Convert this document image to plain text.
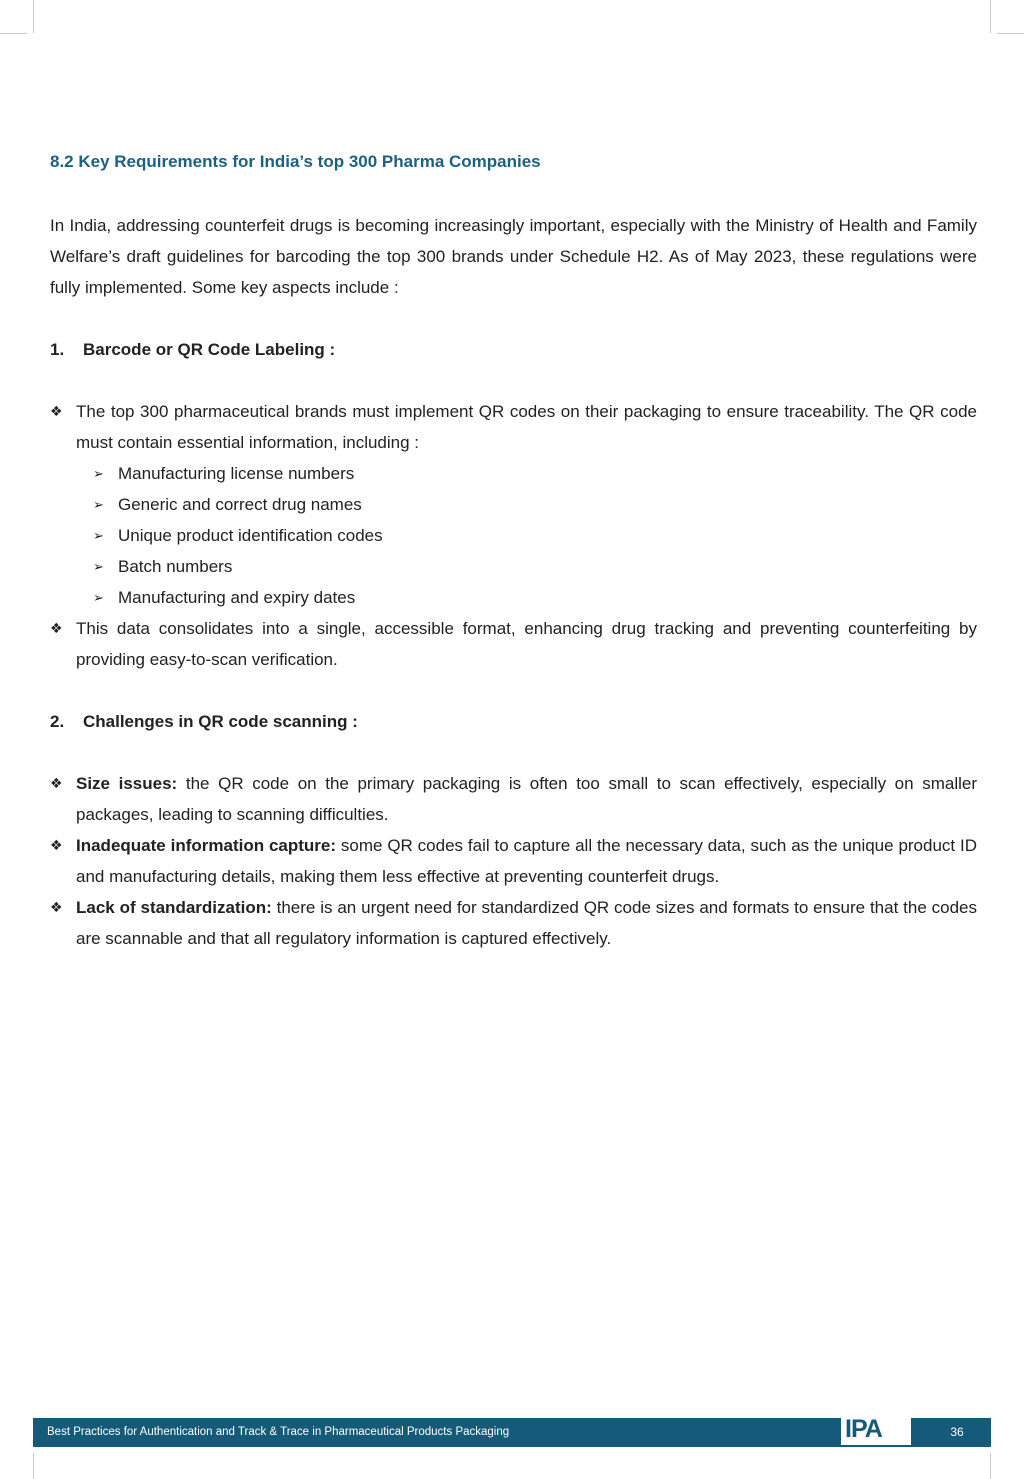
8.2 Key Requirements for India’s top 300 Pharma Companies

In India, addressing counterfeit drugs is becoming increasingly important, especially with the Ministry of Health and Family Welfare’s draft guidelines for barcoding the top 300 brands under Schedule H2. As of May 2023, these regulations were fully implemented. Some key aspects include :

1.	Barcode or QR Code Labeling :
❖ The top 300 pharmaceutical brands must implement QR codes on their packaging to ensure traceability. The QR code must contain essential information, including :
➢ Manufacturing license numbers
➢ Generic and correct drug names
➢ Unique product identification codes
➢ Batch numbers
➢ Manufacturing and expiry dates
❖ This data consolidates into a single, accessible format, enhancing drug tracking and preventing counterfeiting by providing easy-to-scan verification.
2.	Challenges in QR code scanning :
❖ Size issues: the QR code on the primary packaging is often too small to scan effectively, especially on smaller packages, leading to scanning difficulties.
❖ Inadequate information capture: some QR codes fail to capture all the necessary data, such as the unique product ID and manufacturing details, making them less effective at preventing counterfeit drugs.
❖ Lack of standardization: there is an urgent need for standardized QR code sizes and formats to ensure that the codes are scannable and that all regulatory information is captured effectively.
Best Practices for Authentication and Track & Trace in Pharmaceutical Products Packaging	IPA	36
